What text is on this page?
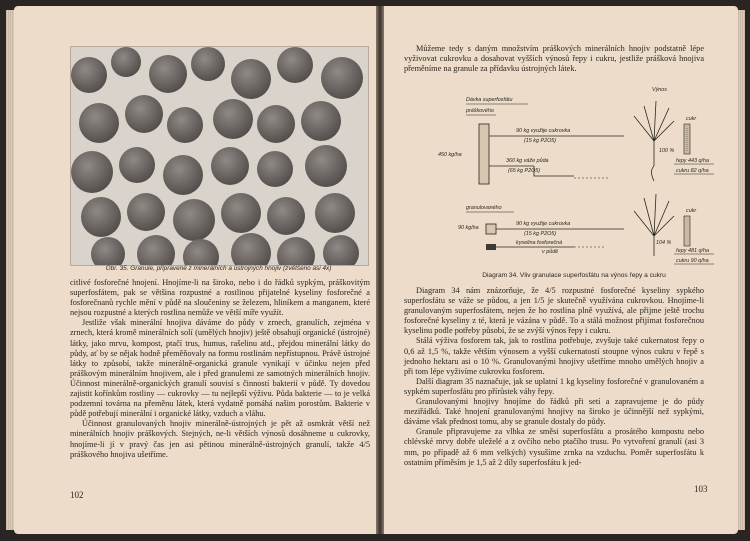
Obr. 35. Granule, připravené z minerálních a ústrojných hnojiv (zvětšeno asi 4x)

citlivé fosforečné hnojení. Hnojíme-li na široko, nebo i do řádků sypkým, práškovitým superfosfátem, pak se většina rozpustné a rostlinou přijatelné kyseliny fosforečné a fosforečnanů rychle mění v půdě na sloučeniny se železem, hliníkem a manganem, které nejsou rozpustné a kterých rostlina nemůže ve větší míře využít.

Jestliže však minerální hnojiva dáváme do půdy v zrnech, granulích, zejména v zrnech, která kromě minerálních solí (umělých hnojiv) ještě obsahují organické (ústrojné) látky, jako mrvu, kompost, ptačí trus, humus, rašelinu atd., přejdou minerální látky do půdy, ať by se nějak hodně přeměňovaly na formu rostlinám nepřístupnou. Právě ústrojné látky to způsobí, takže minerálně-organická granule vynikají v účinku nejen před práškovým minerálním hnojivem, ale i před granulemi ze samotných minerálních hnojiv. Účinnost minerálně-organických granulí souvisí s činností bakterií v půdě. Ty dovedou zajistit kořínkům rostliny — cukrovky — tu nejlepší výživu. Půda bakterie — to je velká podzemní továrna na přeměnu látek, která vydatně pomáhá našim porostům. Bakterie v půdě potřebují minerální i organické látky, vzduch a vláhu.

Účinnost granulovaných hnojiv minerálně-ústrojných je pět až osmkrát větší než minerálních hnojiv práškových. Stejných, ne-li větších výnosů dosáhneme u cukrovky, hnojíme-li jí v pravý čas jen asi pětinou minerálně-ústrojných granulí, takže 4/5 práškového hnojiva ušetříme.

102

Můžeme tedy s daným množstvím práškových minerálních hnojiv podstatně lépe vyživovat cukrovku a dosahovat vyšších výnosů řepy i cukru, jestliže prášková hnojiva přeměníme na granule za přídavku ústrojných látek.

Dávka superfosfátu
Výnos
práškového
450 kg/ha
90 kg využije cukrovka
(15 kg P2O5)
360 kg váže půda
(65 kg P2O5)
cukr
100 %
řepy 443 q/ha
cukru 82 q/ha
granulovaného
90 kg/ha
90 kg využije cukrovka
(15 kg P2O5)
kyselina fosforečná
v půdě
cukr
104 %
řepy 481 q/ha
cukru 90 q/ha
Diagram 34. Vliv granulace superfosfátu na výnos řepy a cukru

Diagram 34 nám znázorňuje, že 4/5 rozpustné fosforečné kyseliny sypkého superfosfátu se váže se půdou, a jen 1/5 je skutečně využívána cukrovkou. Hnojíme-li granulovaným superfosfátem, nejen že ho rostlina plně využívá, ale přijme ještě trochu fosforečné kyseliny z té, která je vázána v půdě. To a stálá možnost přijímat fosforečnou kyselinu podle potřeby působí, že se zvýší výnos řepy i cukru.

Stálá výživa fosforem tak, jak to rostlina potřebuje, zvyšuje také cukernatost řepy o 0,6 až 1,5 %, takže větším výnosem a vyšší cukernatostí stoupne výnos cukru v řepě s jednoho hektaru asi o 10 %. Granulovanými hnojivy ušetříme mnoho umělých hnojiv a při tom lépe vyživíme cukrovku fosforem.

Další diagram 35 naznačuje, jak se uplatní 1 kg kyseliny fosforečné v granulovaném a sypkém superfosfátu pro přírůstek váhy řepy.

Granulovanými hnojivy hnojíme do řádků při setí a zapravujeme je do půdy meziřádků. Také hnojení granulovanými hnojivy na široko je účinnější než sypkými, dáváme však přednost tomu, aby se granule dostaly do půdy.

Granule připravujeme za vlhka ze směsi superfosfátu a prosátého kompostu nebo chlévské mrvy dobře uleželé a z ovčího nebo ptačího trusu. Po vytvoření granulí (asi 3 mm, po případě až 6 mm velkých) vysušíme zrnka na vzduchu. Poměr superfosfátu k ostatním příměsím je 1,5 až 2 díly superfosfátu k jed-

103
